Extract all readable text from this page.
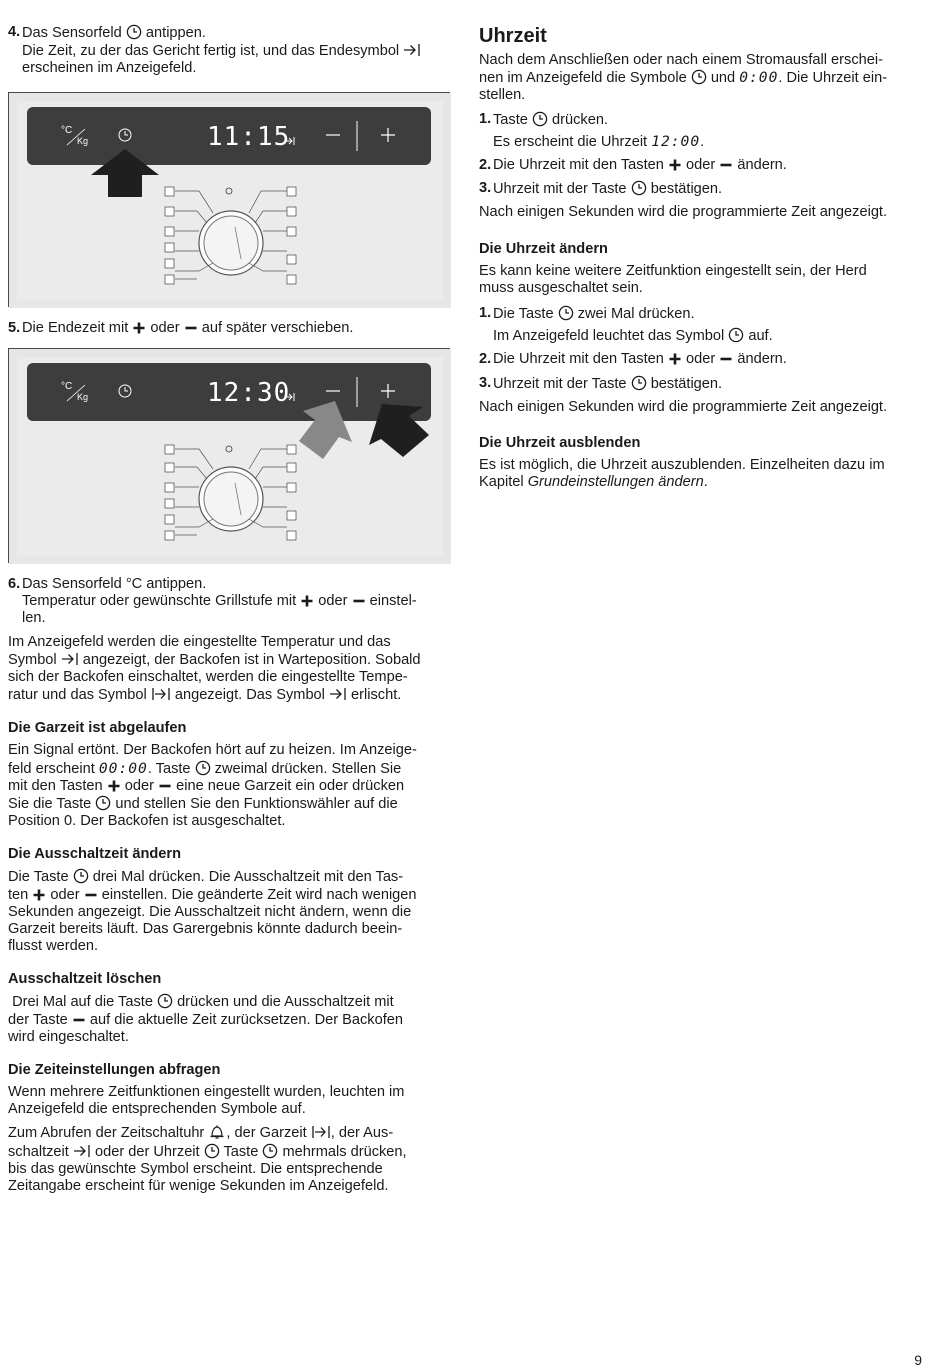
4. Das Sensorfeld antippen.

Die Zeit, zu der das Gericht fertig ist, und das Endesymbol
erscheinen im Anzeigefeld.

°C
Kg	11:15
5. Die Endezeit mit oder auf später verschieben.
°C
Kg	12:30
6. Das Sensorfeld °C antippen.

Temperatur oder gewünschte Grillstufe mit oder einstel-
len.

Im Anzeigefeld werden die eingestellte Temperatur und das
Symbol angezeigt, der Backofen ist in Warteposition. Sobald
sich der Backofen einschaltet, werden die eingestellte Tempe-
ratur und das Symbol angezeigt. Das Symbol erlischt.

Die Garzeit ist abgelaufen

Ein Signal ertönt. Der Backofen hört auf zu heizen. Im Anzeige-
feld erscheint 00:00. Taste zweimal drücken. Stellen Sie
mit den Tasten oder eine neue Garzeit ein oder drücken
Sie die Taste und stellen Sie den Funktionswähler auf die
Position 0. Der Backofen ist ausgeschaltet.

Die Ausschaltzeit ändern

Die Taste drei Mal drücken. Die Ausschaltzeit mit den Tas-
ten oder einstellen. Die geänderte Zeit wird nach wenigen
Sekunden angezeigt. Die Ausschaltzeit nicht ändern, wenn die
Garzeit bereits läuft. Das Garergebnis könnte dadurch beein-
flusst werden.

Ausschaltzeit löschen

Drei Mal auf die Taste drücken und die Ausschaltzeit mit
der Taste auf die aktuelle Zeit zurücksetzen. Der Backofen
wird eingeschaltet.

Die Zeiteinstellungen abfragen

Wenn mehrere Zeitfunktionen eingestellt wurden, leuchten im
Anzeigefeld die entsprechenden Symbole auf.

Zum Abrufen der Zeitschaltuhr , der Garzeit , der Aus-
schaltzeit oder der Uhrzeit Taste mehrmals drücken,
bis das gewünschte Symbol erscheint. Die entsprechende
Zeitangabe erscheint für wenige Sekunden im Anzeigefeld.

Uhrzeit

Nach dem Anschließen oder nach einem Stromausfall erschei-
nen im Anzeigefeld die Symbole und 0:00. Die Uhrzeit ein-
stellen.

1. Taste drücken.

Es erscheint die Uhrzeit 12:00.

2. Die Uhrzeit mit den Tasten oder ändern.
3. Uhrzeit mit der Taste bestätigen.

Nach einigen Sekunden wird die programmierte Zeit angezeigt.

Die Uhrzeit ändern

Es kann keine weitere Zeitfunktion eingestellt sein, der Herd
muss ausgeschaltet sein.

1. Die Taste zwei Mal drücken.

Im Anzeigefeld leuchtet das Symbol auf.

2. Die Uhrzeit mit den Tasten oder ändern.
3. Uhrzeit mit der Taste bestätigen.

Nach einigen Sekunden wird die programmierte Zeit angezeigt.

Die Uhrzeit ausblenden

Es ist möglich, die Uhrzeit auszublenden. Einzelheiten dazu im
Kapitel Grundeinstellungen ändern.

9
